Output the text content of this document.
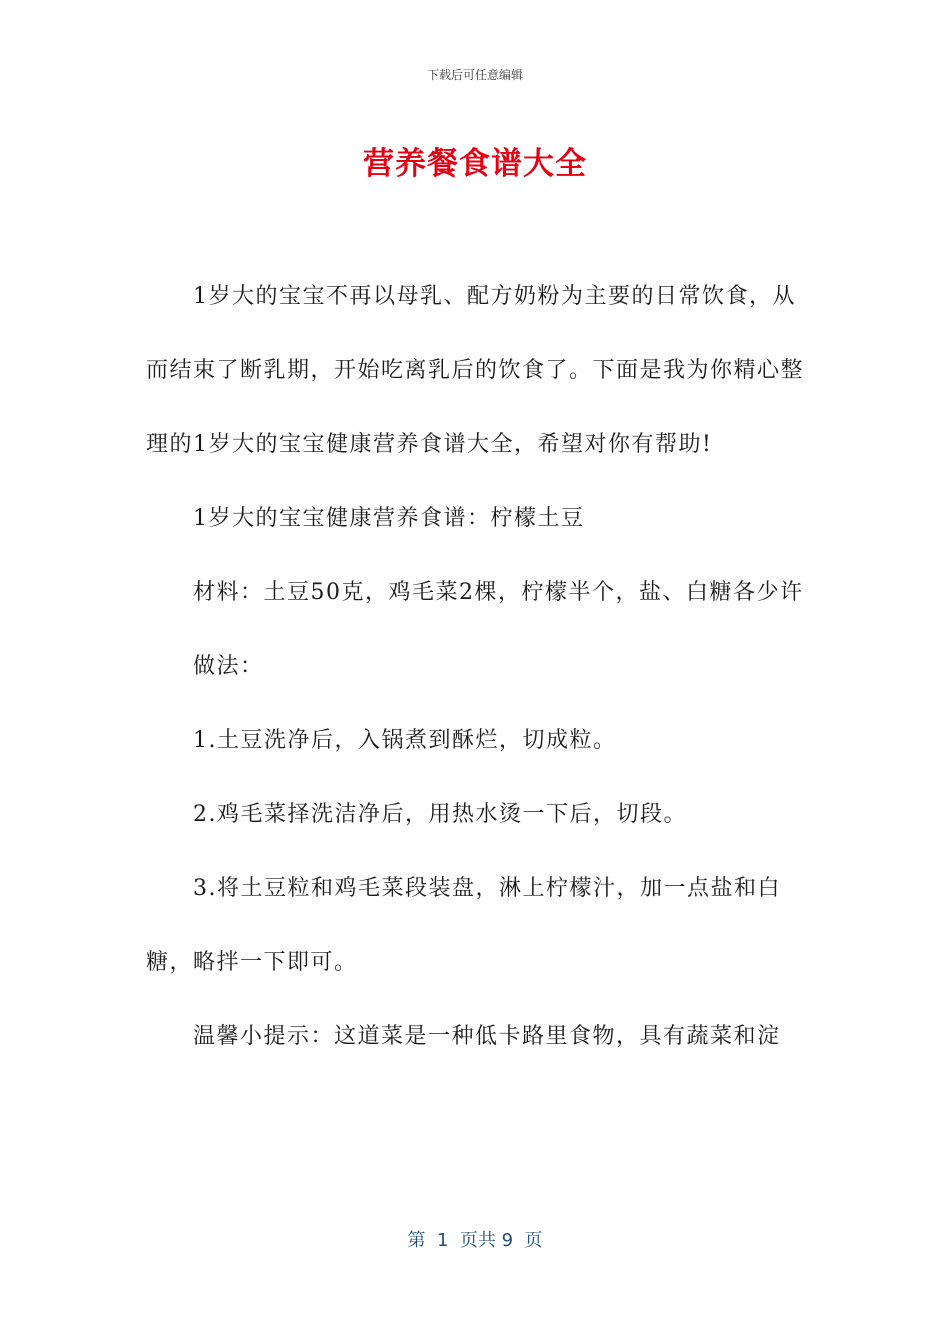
下载后可任意编辑
营养餐食谱大全

1岁大的宝宝不再以母乳、配方奶粉为主要的日常饮食，从而结束了断乳期，开始吃离乳后的饮食了。下面是我为你精心整理的1岁大的宝宝健康营养食谱大全，希望对你有帮助!

1岁大的宝宝健康营养食谱：柠檬土豆

材料：土豆50克，鸡毛菜2棵，柠檬半个，盐、白糖各少许

做法：

1.土豆洗净后，入锅煮到酥烂，切成粒。

2.鸡毛菜择洗洁净后，用热水烫一下后，切段。

3.将土豆粒和鸡毛菜段装盘，淋上柠檬汁，加一点盐和白糖，略拌一下即可。

温馨小提示：这道菜是一种低卡路里食物，具有蔬菜和淀

第  1  页共 9  页
